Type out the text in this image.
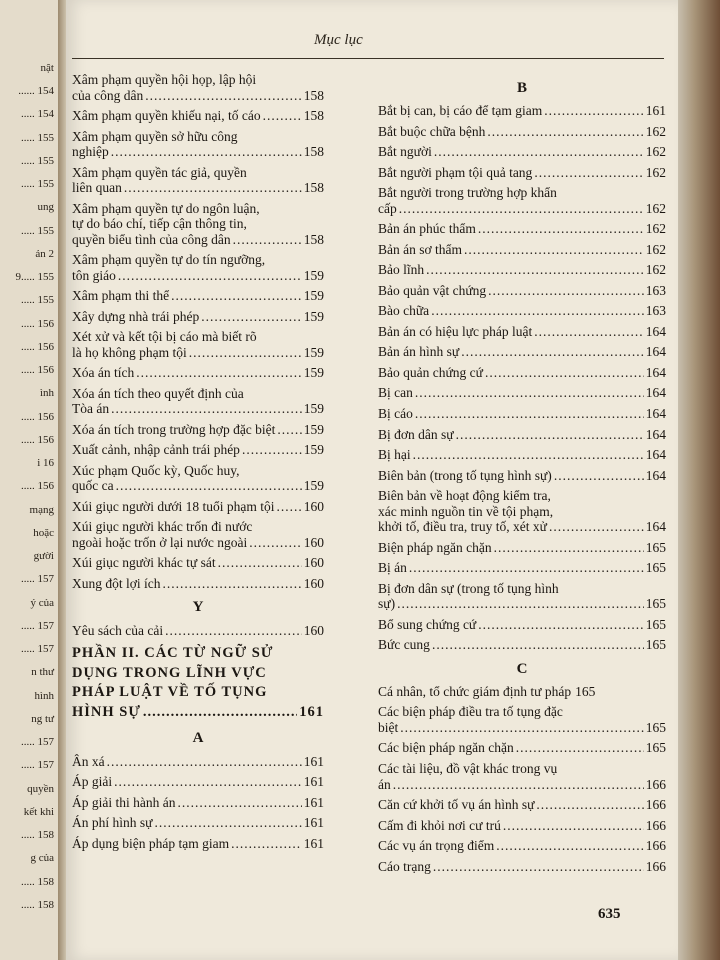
nật
...... 154
..... 154
..... 155
..... 155
..... 155
ung
..... 155
ản 2
9..... 155
..... 155
..... 156
..... 156
..... 156
ình
..... 156
..... 156
i 16
..... 156
mạng
hoặc
gười
..... 157
ý của
..... 157
..... 157
n thư
hình
ng tư
..... 157
..... 157
quyền
kết khi
..... 158
g của
..... 158
..... 158
Mục lục
Xâm phạm quyền hội họp, lập hội
của công dân .....	158
Xâm phạm quyền khiếu nại, tố cáo .....	158
Xâm phạm quyền sở hữu công
nghiệp .....	158
Xâm phạm quyền tác giả, quyền
liên quan .....	158
Xâm phạm quyền tự do ngôn luận,
tự do báo chí, tiếp cận thông tin,
quyền biểu tình của công dân .....	158
Xâm phạm quyền tự do tín ngưỡng,
tôn giáo .....	159
Xâm phạm thi thể .....	159
Xây dựng nhà trái phép .....	159
Xét xử và kết tội bị cáo mà biết rõ
là họ không phạm tội .....	159
Xóa án tích .....	159
Xóa án tích theo quyết định của
Tòa án .....	159
Xóa án tích trong trường hợp đặc biệt ..... 159
Xuất cảnh, nhập cảnh trái phép .....	159
Xúc phạm Quốc kỳ, Quốc huy,
quốc ca .....	159
Xúi giục người dưới 18 tuổi phạm tội ..... 160
Xúi giục người khác trốn đi nước
ngoài hoặc trốn ở lại nước ngoài .....	160
Xúi giục người khác tự sát .....	160
Xung đột lợi ích .....	160
Y
Yêu sách của cải .....	160
PHẦN II. CÁC TỪ NGỮ SỬ
DỤNG TRONG LĨNH VỰC
PHÁP LUẬT VỀ TỐ TỤNG
HÌNH SỰ .....	161
A
Ân xá .....	161
Áp giải .....	161
Áp giải thi hành án .....	161
Án phí hình sự .....	161
Áp dụng biện pháp tạm giam .....	161
B
Bắt bị can, bị cáo để tạm giam .....	161
Bắt buộc chữa bệnh .....	162
Bắt người .....	162
Bắt người phạm tội quả tang .....	162
Bắt người trong trường hợp khẩn
cấp .....	162
Bản án phúc thẩm .....	162
Bản án sơ thẩm .....	162
Bảo lĩnh .....	162
Bảo quản vật chứng .....	163
Bào chữa .....	163
Bản án có hiệu lực pháp luật .....	164
Bản án hình sự .....	164
Bảo quản chứng cứ .....	164
Bị can .....	164
Bị cáo .....	164
Bị đơn dân sự .....	164
Bị hại .....	164
Biên bản (trong tố tụng hình sự) .....	164
Biên bản về hoạt động kiểm tra,
xác minh nguồn tin về tội phạm,
khởi tố, điều tra, truy tố, xét xử .....	164
Biện pháp ngăn chặn .....	165
Bị án .....	165
Bị đơn dân sự (trong tố tụng hình
sự) .....	165
Bổ sung chứng cứ .....	165
Bức cung .....	165
C
Cá nhân, tổ chức giám định tư pháp 165
Các biện pháp điều tra tố tụng đặc
biệt .....	165
Các biện pháp ngăn chặn .....	165
Các tài liệu, đồ vật khác trong vụ
án .....	166
Căn cứ khởi tố vụ án hình sự .....	166
Cấm đi khỏi nơi cư trú .....	166
Các vụ án trọng điểm .....	166
Cáo trạng .....	166
635
